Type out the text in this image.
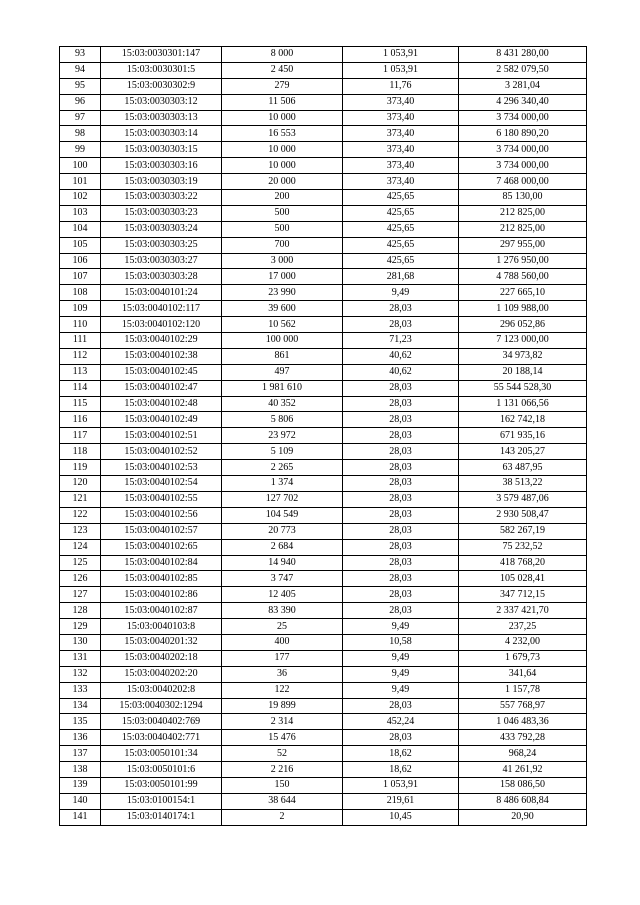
93	15:03:0030301:147	8 000	1 053,91	8 431 280,00
94	15:03:0030301:5	2 450	1 053,91	2 582 079,50
95	15:03:0030302:9	279	11,76	3 281,04
96	15:03:0030303:12	11 506	373,40	4 296 340,40
97	15:03:0030303:13	10 000	373,40	3 734 000,00
98	15:03:0030303:14	16 553	373,40	6 180 890,20
99	15:03:0030303:15	10 000	373,40	3 734 000,00
100	15:03:0030303:16	10 000	373,40	3 734 000,00
101	15:03:0030303:19	20 000	373,40	7 468 000,00
102	15:03:0030303:22	200	425,65	85 130,00
103	15:03:0030303:23	500	425,65	212 825,00
104	15:03:0030303:24	500	425,65	212 825,00
105	15:03:0030303:25	700	425,65	297 955,00
106	15:03:0030303:27	3 000	425,65	1 276 950,00
107	15:03:0030303:28	17 000	281,68	4 788 560,00
108	15:03:0040101:24	23 990	9,49	227 665,10
109	15:03:0040102:117	39 600	28,03	1 109 988,00
110	15:03:0040102:120	10 562	28,03	296 052,86
111	15:03:0040102:29	100 000	71,23	7 123 000,00
112	15:03:0040102:38	861	40,62	34 973,82
113	15:03:0040102:45	497	40,62	20 188,14
114	15:03:0040102:47	1 981 610	28,03	55 544 528,30
115	15:03:0040102:48	40 352	28,03	1 131 066,56
116	15:03:0040102:49	5 806	28,03	162 742,18
117	15:03:0040102:51	23 972	28,03	671 935,16
118	15:03:0040102:52	5 109	28,03	143 205,27
119	15:03:0040102:53	2 265	28,03	63 487,95
120	15:03:0040102:54	1 374	28,03	38 513,22
121	15:03:0040102:55	127 702	28,03	3 579 487,06
122	15:03:0040102:56	104 549	28,03	2 930 508,47
123	15:03:0040102:57	20 773	28,03	582 267,19
124	15:03:0040102:65	2 684	28,03	75 232,52
125	15:03:0040102:84	14 940	28,03	418 768,20
126	15:03:0040102:85	3 747	28,03	105 028,41
127	15:03:0040102:86	12 405	28,03	347 712,15
128	15:03:0040102:87	83 390	28,03	2 337 421,70
129	15:03:0040103:8	25	9,49	237,25
130	15:03:0040201:32	400	10,58	4 232,00
131	15:03:0040202:18	177	9,49	1 679,73
132	15:03:0040202:20	36	9,49	341,64
133	15:03:0040202:8	122	9,49	1 157,78
134	15:03:0040302:1294	19 899	28,03	557 768,97
135	15:03:0040402:769	2 314	452,24	1 046 483,36
136	15:03:0040402:771	15 476	28,03	433 792,28
137	15:03:0050101:34	52	18,62	968,24
138	15:03:0050101:6	2 216	18,62	41 261,92
139	15:03:0050101:99	150	1 053,91	158 086,50
140	15:03:0100154:1	38 644	219,61	8 486 608,84
141	15:03:0140174:1	2	10,45	20,90
